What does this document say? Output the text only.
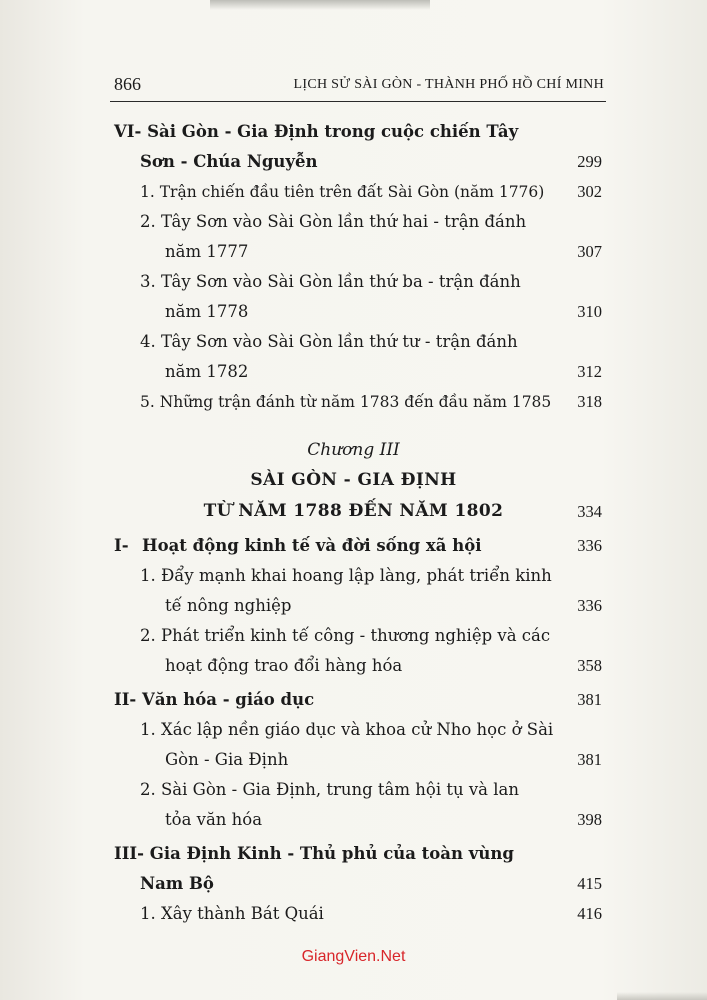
866	LỊCH SỬ SÀI GÒN - THÀNH PHỐ HỒ CHÍ MINH
VI- Sài Gòn - Gia Định trong cuộc chiến Tây
Sơn - Chúa Nguyễn	299
1. Trận chiến đầu tiên trên đất Sài Gòn (năm 1776)	302
2. Tây Sơn vào Sài Gòn lần thứ hai - trận đánh
năm 1777	307
3. Tây Sơn vào Sài Gòn lần thứ ba - trận đánh
năm 1778	310
4. Tây Sơn vào Sài Gòn lần thứ tư - trận đánh
năm 1782	312
5. Những trận đánh từ năm 1783 đến đầu năm 1785	318
Chương III
SÀI GÒN - GIA ĐỊNH
TỪ NĂM 1788 ĐẾN NĂM 1802	334
I- Hoạt động kinh tế và đời sống xã hội	336
1. Đẩy mạnh khai hoang lập làng, phát triển kinh
tế nông nghiệp	336
2. Phát triển kinh tế công - thương nghiệp và các
hoạt động trao đổi hàng hóa	358
II- Văn hóa - giáo dục	381
1. Xác lập nền giáo dục và khoa cử Nho học ở Sài
Gòn - Gia Định	381
2. Sài Gòn - Gia Định, trung tâm hội tụ và lan
tỏa văn hóa	398
III- Gia Định Kinh - Thủ phủ của toàn vùng
Nam Bộ	415
1. Xây thành Bát Quái	416
GiangVien.Net
